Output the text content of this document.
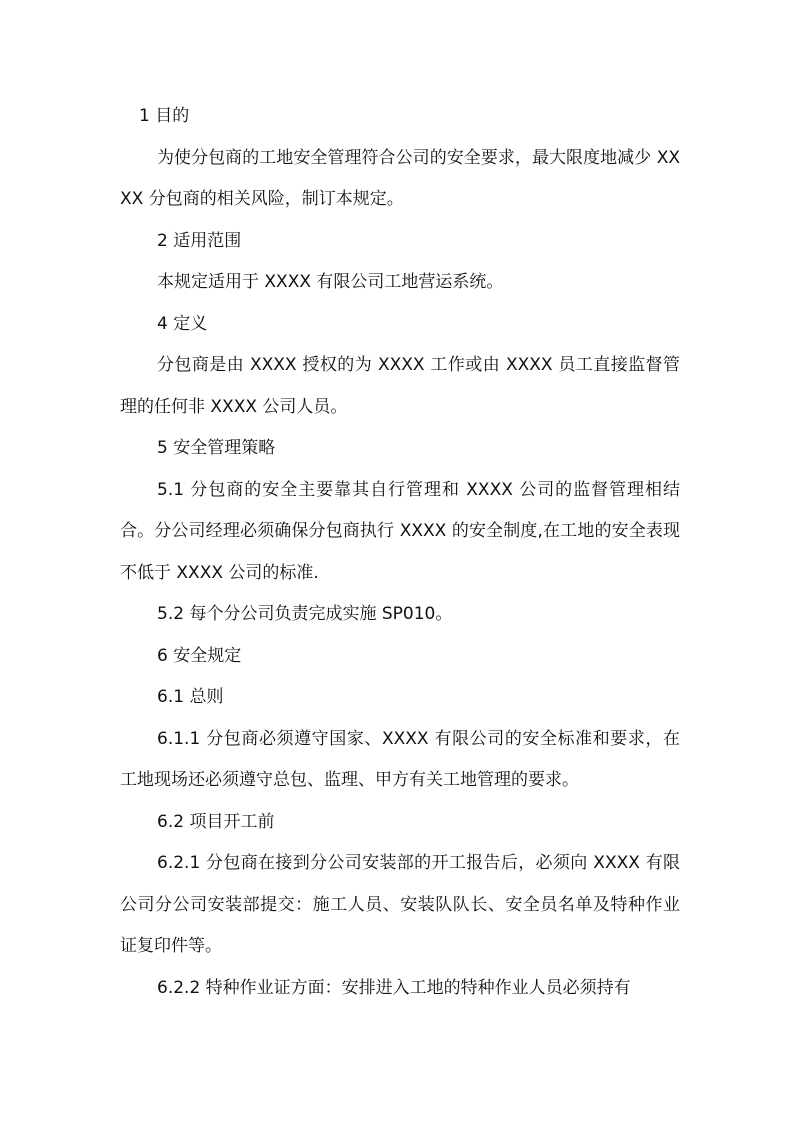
1 目的

为使分包商的工地安全管理符合公司的安全要求，最大限度地减少 XXXX 分包商的相关风险，制订本规定。

2 适用范围

本规定适用于 XXXX 有限公司工地营运系统。

4 定义

分包商是由 XXXX 授权的为 XXXX 工作或由 XXXX 员工直接监督管理的任何非 XXXX 公司人员。

5 安全管理策略

5.1 分包商的安全主要靠其自行管理和 XXXX 公司的监督管理相结合。分公司经理必须确保分包商执行 XXXX 的安全制度,在工地的安全表现不低于 XXXX 公司的标准.

5.2 每个分公司负责完成实施 SP010。

6 安全规定

6.1 总则

6.1.1 分包商必须遵守国家、XXXX 有限公司的安全标准和要求，在工地现场还必须遵守总包、监理、甲方有关工地管理的要求。

6.2 项目开工前

6.2.1 分包商在接到分公司安装部的开工报告后，必须向 XXXX 有限公司分公司安装部提交：施工人员、安装队队长、安全员名单及特种作业证复印件等。

6.2.2 特种作业证方面：安排进入工地的特种作业人员必须持有
